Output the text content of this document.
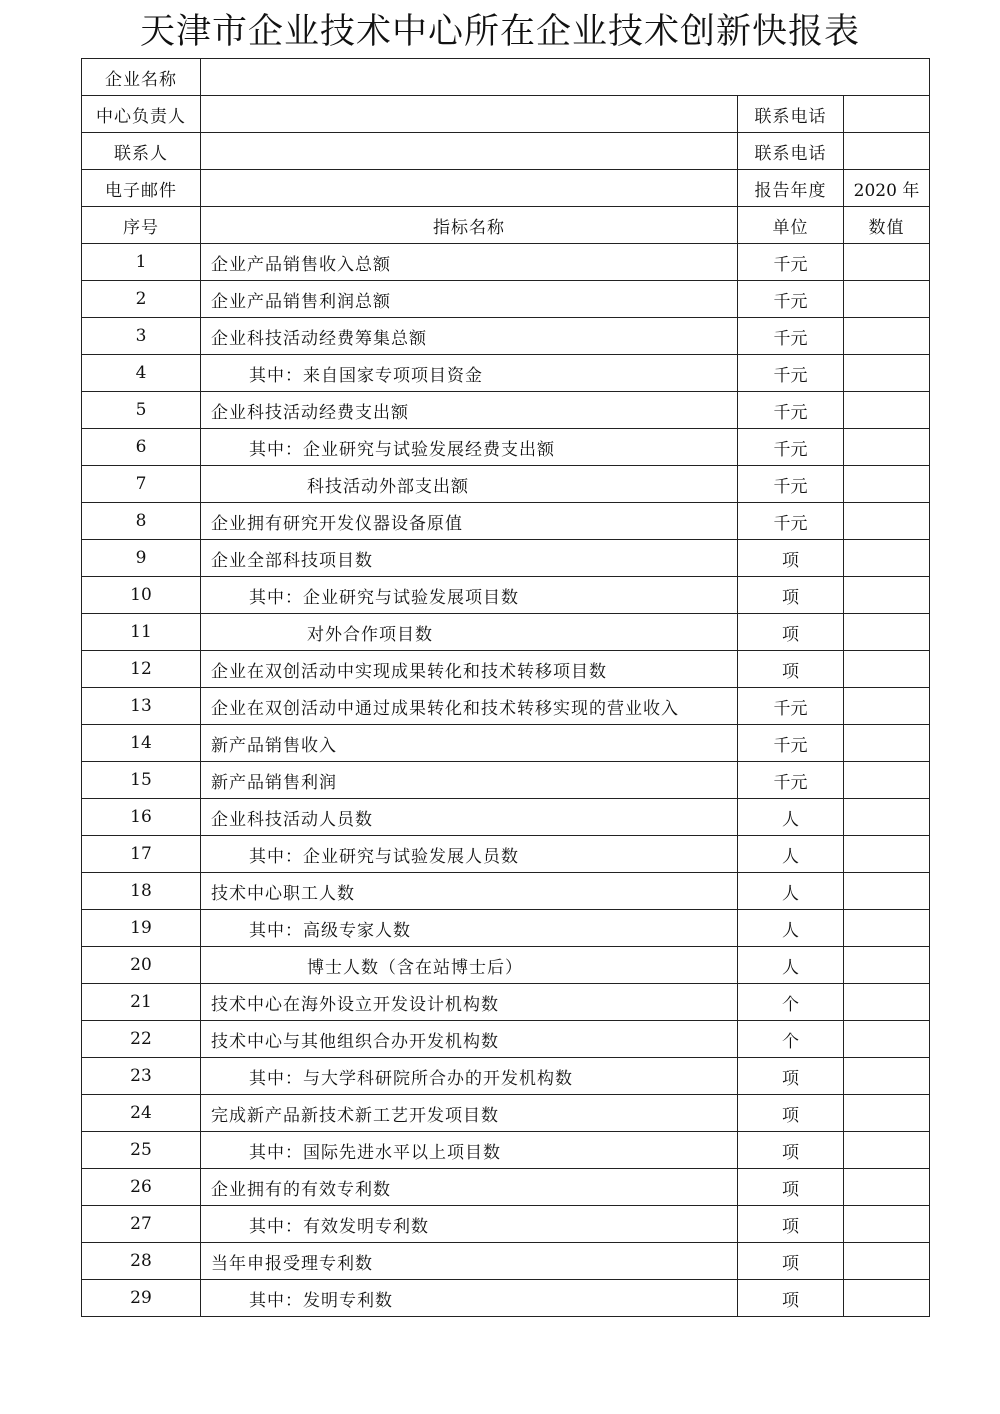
天津市企业技术中心所在企业技术创新快报表
企业名称			
中心负责人		联系电话	
联系人		联系电话	
电子邮件		报告年度	2020 年
序号	指标名称	单位	数值
1	企业产品销售收入总额	千元	
2	企业产品销售利润总额	千元	
3	企业科技活动经费筹集总额	千元	
4	其中：来自国家专项项目资金	千元	
5	企业科技活动经费支出额	千元	
6	其中：企业研究与试验发展经费支出额	千元	
7	科技活动外部支出额	千元	
8	企业拥有研究开发仪器设备原值	千元	
9	企业全部科技项目数	项	
10	其中：企业研究与试验发展项目数	项	
11	对外合作项目数	项	
12	企业在双创活动中实现成果转化和技术转移项目数	项	
13	企业在双创活动中通过成果转化和技术转移实现的营业收入	千元	
14	新产品销售收入	千元	
15	新产品销售利润	千元	
16	企业科技活动人员数	人	
17	其中：企业研究与试验发展人员数	人	
18	技术中心职工人数	人	
19	其中：高级专家人数	人	
20	博士人数（含在站博士后）	人	
21	技术中心在海外设立开发设计机构数	个	
22	技术中心与其他组织合办开发机构数	个	
23	其中：与大学科研院所合办的开发机构数	项	
24	完成新产品新技术新工艺开发项目数	项	
25	其中：国际先进水平以上项目数	项	
26	企业拥有的有效专利数	项	
27	其中：有效发明专利数	项	
28	当年申报受理专利数	项	
29	其中：发明专利数	项	
